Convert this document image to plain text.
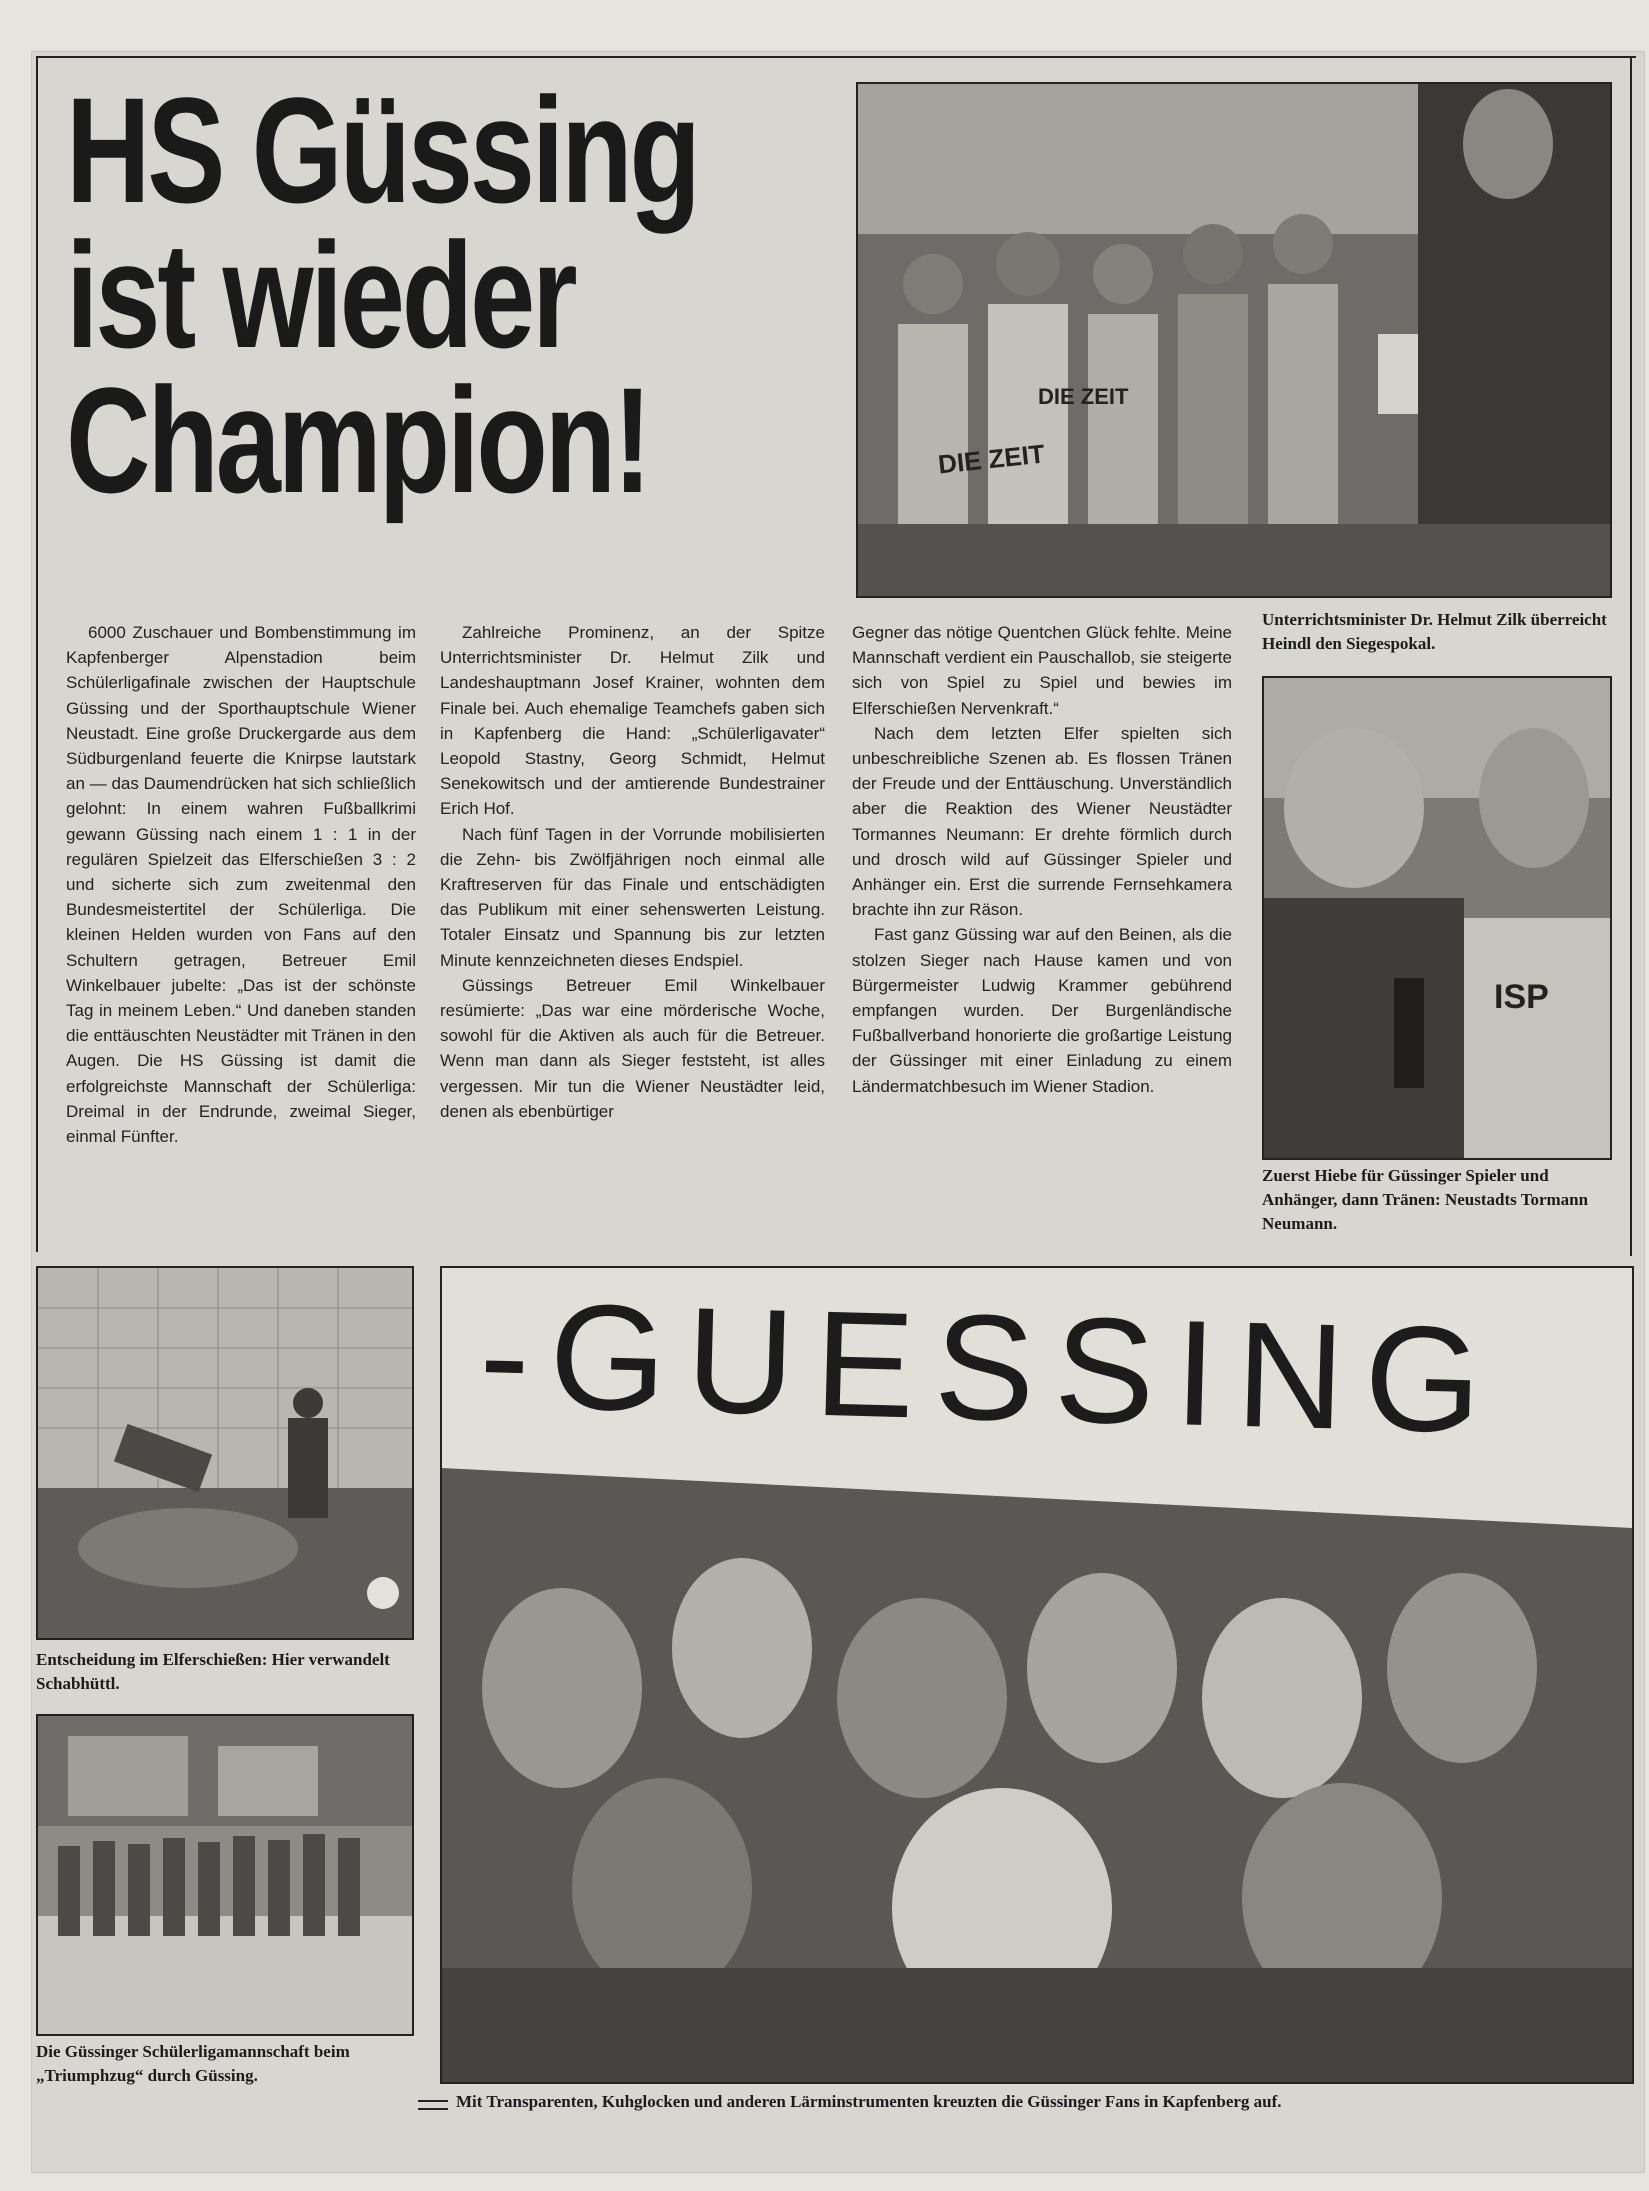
HS Güssing
ist wieder
Champion!	DIE ZEIT
DIE ZEIT
Unterrichtsminister Dr. Helmut Zilk überreicht Heindl den Siegespokal.
ISP
Zuerst Hiebe für Güssinger Spieler und Anhänger, dann Tränen: Neustadts Tormann Neumann.

6000 Zuschauer und Bombenstimmung im Kapfenberger Alpenstadion beim Schülerligafinale zwischen der Hauptschule Güssing und der Sporthauptschule Wiener Neustadt. Eine große Druckergarde aus dem Südburgenland feuerte die Knirpse lautstark an — das Daumendrücken hat sich schließlich gelohnt: In einem wahren Fußballkrimi gewann Güssing nach einem 1 : 1 in der regulären Spielzeit das Elferschießen 3 : 2 und sicherte sich zum zweitenmal den Bundesmeistertitel der Schülerliga. Die kleinen Helden wurden von Fans auf den Schultern getragen, Betreuer Emil Winkelbauer jubelte: „Das ist der schönste Tag in meinem Leben.“ Und daneben standen die enttäuschten Neustädter mit Tränen in den Augen. Die HS Güssing ist damit die erfolgreichste Mannschaft der Schülerliga: Dreimal in der Endrunde, zweimal Sieger, einmal Fünfter.

Zahlreiche Prominenz, an der Spitze Unterrichtsminister Dr. Helmut Zilk und Landeshauptmann Josef Krainer, wohnten dem Finale bei. Auch ehemalige Teamchefs gaben sich in Kapfenberg die Hand: „Schülerligavater“ Leopold Stastny, Georg Schmidt, Helmut Senekowitsch und der amtierende Bundestrainer Erich Hof.

Nach fünf Tagen in der Vorrunde mobilisierten die Zehn- bis Zwölfjährigen noch einmal alle Kraftreserven für das Finale und entschädigten das Publikum mit einer sehenswerten Leistung. Totaler Einsatz und Spannung bis zur letzten Minute kennzeichneten dieses Endspiel.

Güssings Betreuer Emil Winkelbauer resümierte: „Das war eine mörderische Woche, sowohl für die Aktiven als auch für die Betreuer. Wenn man dann als Sieger feststeht, ist alles vergessen. Mir tun die Wiener Neustädter leid, denen als ebenbürtiger

Gegner das nötige Quentchen Glück fehlte. Meine Mannschaft verdient ein Pauschallob, sie steigerte sich von Spiel zu Spiel und bewies im Elferschießen Nervenkraft.“

Nach dem letzten Elfer spielten sich unbeschreibliche Szenen ab. Es flossen Tränen der Freude und der Enttäuschung. Unverständlich aber die Reaktion des Wiener Neustädter Tormannes Neumann: Er drehte förmlich durch und drosch wild auf Güssinger Spieler und Anhänger ein. Erst die surrende Fernsehkamera brachte ihn zur Räson.

Fast ganz Güssing war auf den Beinen, als die stolzen Sieger nach Hause kamen und von Bürgermeister Ludwig Krammer gebührend empfangen wurden. Der Burgenländische Fußballverband honorierte die großartige Leistung der Güssinger mit einer Einladung zu einem Ländermatchbesuch im Wiener Stadion.

Entscheidung im Elferschießen: Hier verwandelt Schabhüttl.
Die Güssinger Schülerligamannschaft beim „Triumphzug“ durch Güssing.
-GUESSING
Mit Transparenten, Kuhglocken und anderen Lärminstrumenten kreuzten die Güssinger Fans in Kapfenberg auf.
